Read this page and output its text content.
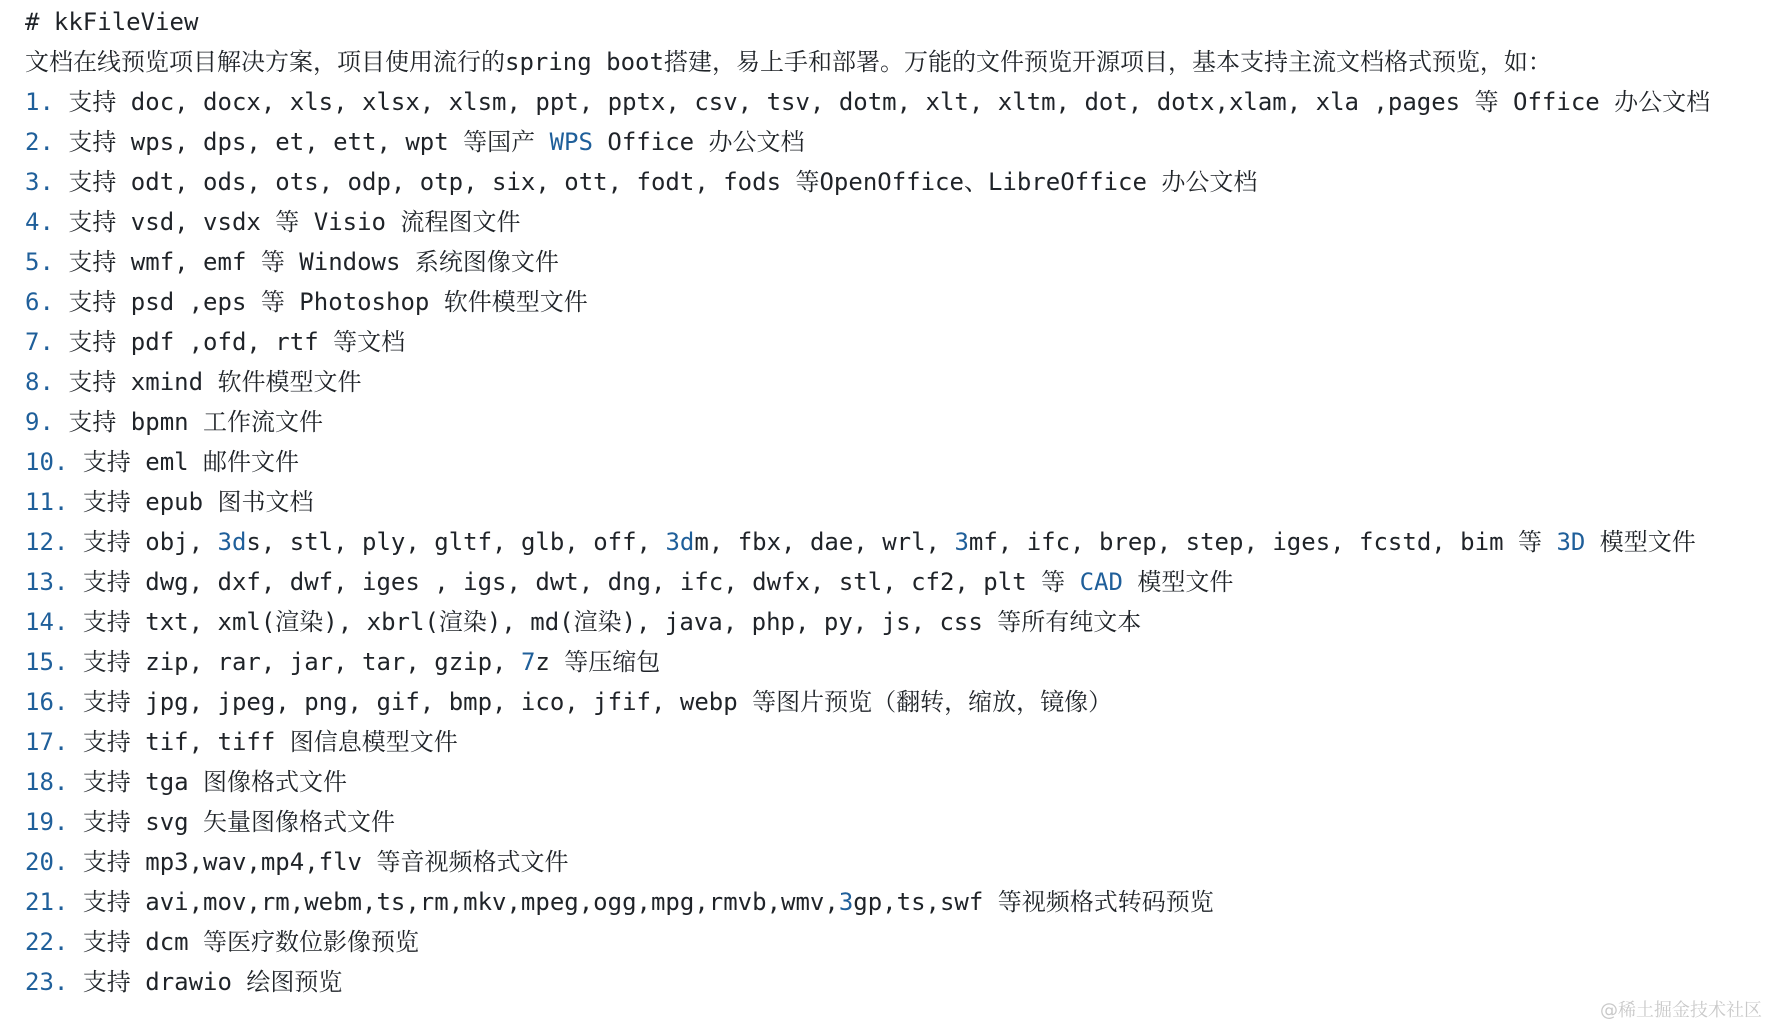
# kkFileView
文档在线预览项目解决方案，项目使用流行的spring boot搭建，易上手和部署。万能的文件预览开源项目，基本支持主流文档格式预览，如：
1. 支持 doc, docx, xls, xlsx, xlsm, ppt, pptx, csv, tsv, dotm, xlt, xltm, dot, dotx,xlam, xla ,pages 等 Office 办公文档
2. 支持 wps, dps, et, ett, wpt 等国产 WPS Office 办公文档
3. 支持 odt, ods, ots, odp, otp, six, ott, fodt, fods 等OpenOffice、LibreOffice 办公文档
4. 支持 vsd, vsdx 等 Visio 流程图文件
5. 支持 wmf, emf 等 Windows 系统图像文件
6. 支持 psd ,eps 等 Photoshop 软件模型文件
7. 支持 pdf ,ofd, rtf 等文档
8. 支持 xmind 软件模型文件
9. 支持 bpmn 工作流文件
10. 支持 eml 邮件文件
11. 支持 epub 图书文档
12. 支持 obj, 3ds, stl, ply, gltf, glb, off, 3dm, fbx, dae, wrl, 3mf, ifc, brep, step, iges, fcstd, bim 等 3D 模型文件
13. 支持 dwg, dxf, dwf, iges , igs, dwt, dng, ifc, dwfx, stl, cf2, plt 等 CAD 模型文件
14. 支持 txt, xml(渲染), xbrl(渲染), md(渲染), java, php, py, js, css 等所有纯文本
15. 支持 zip, rar, jar, tar, gzip, 7z 等压缩包
16. 支持 jpg, jpeg, png, gif, bmp, ico, jfif, webp 等图片预览（翻转，缩放，镜像）
17. 支持 tif, tiff 图信息模型文件
18. 支持 tga 图像格式文件
19. 支持 svg 矢量图像格式文件
20. 支持 mp3,wav,mp4,flv 等音视频格式文件
21. 支持 avi,mov,rm,webm,ts,rm,mkv,mpeg,ogg,mpg,rmvb,wmv,3gp,ts,swf 等视频格式转码预览
22. 支持 dcm 等医疗数位影像预览
23. 支持 drawio 绘图预览
@稀土掘金技术社区
